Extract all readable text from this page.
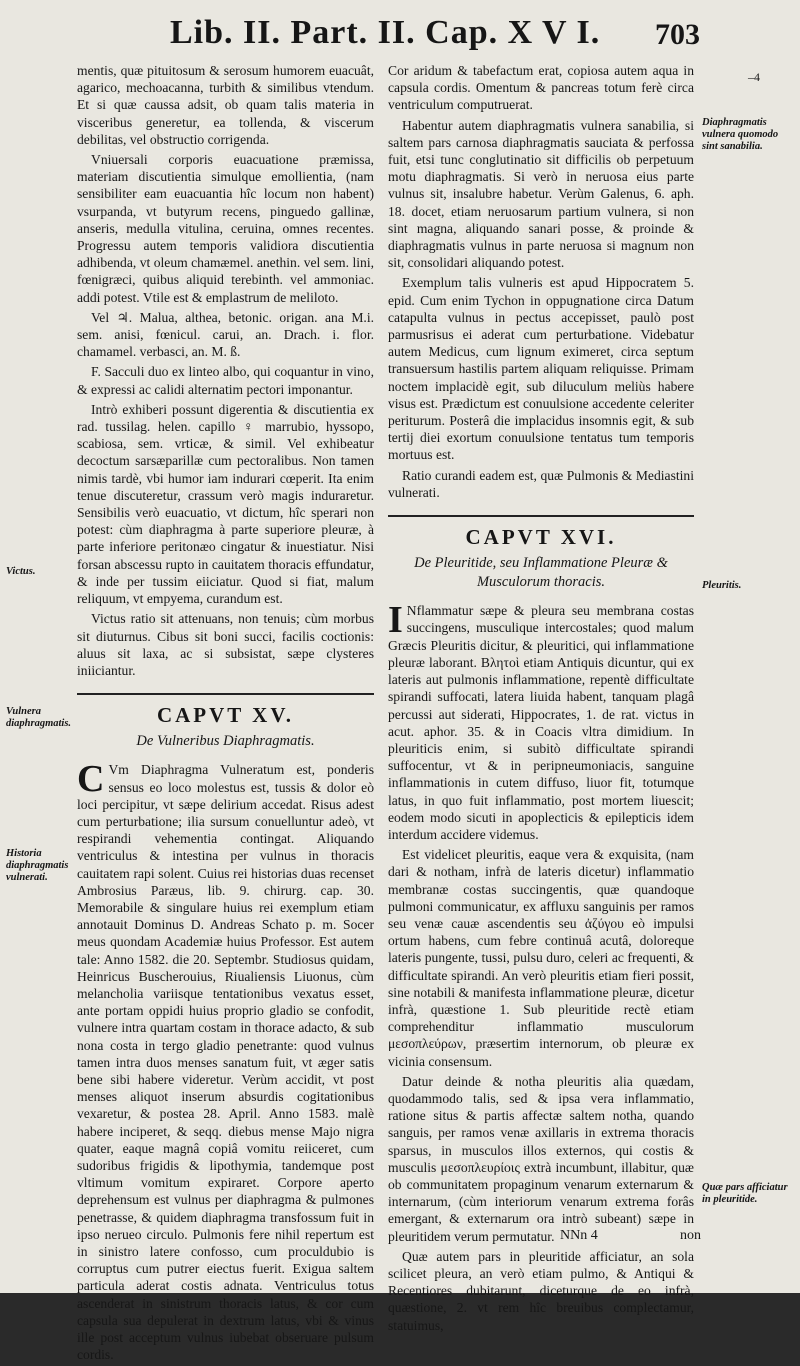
Lib. II. Part. II. Cap. X V I. 703
–4

mentis, quæ pituitosum & serosum humorem euacuât, agarico, mechoacanna, turbith & similibus vtendum. Et si quæ caussa adsit, ob quam talis materia in visceribus generetur, ea tollenda, & viscerum debilitas, vel obstructio corrigenda.

Vniuersali corporis euacuatione præmissa, materiam discutientia simulque emollientia, (nam sensibiliter eam euacuantia hîc locum non habent) vsurpanda, vt butyrum recens, pinguedo gallinæ, anseris, medulla vitulina, ceruina, omnes recentes. Progressu autem temporis validiora discutientia adhibenda, vt oleum chamæmel. anethin. vel sem. lini, fœnigræci, quibus aliquid terebinth. vel ammoniac. addi potest. Vtile est & emplastrum de meliloto.

Vel ♃. Malua, althea, betonic. origan. ana M.i. sem. anisi, fœnicul. carui, an. Drach. i. flor. chamamel. verbasci, an. M. ß.

F. Sacculi duo ex linteo albo, qui coquantur in vino, & expressi ac calidi alternatim pectori imponantur.

Intrò exhiberi possunt digerentia & discutientia ex rad. tussilag. helen. capillo ♀ marrubio, hyssopo, scabiosa, sem. vrticæ, & simil. Vel exhibeatur decoctum sarsæparillæ cum pectoralibus. Non tamen nimis tardè, vbi humor iam indurari cœperit. Ita enim tenue discuteretur, crassum verò magis induraretur. Sensibilis verò euacuatio, vt dictum, hîc sperari non potest: cùm diaphragma à parte superiore pleuræ, à parte inferiore peritonæo cingatur & inuestiatur. Nisi forsan abscessu rupto in cauitatem thoracis effundatur, & inde per tussim eiiciatur. Quod si fiat, malum reliquum, vt empyema, curandum est.

Victus ratio sit attenuans, non tenuis; cùm morbus sit diuturnus. Cibus sit boni succi, facilis coctionis: aluus sit laxa, ac si subsistat, sæpe clysteres iniiciantur.

CAPVT XV.
De Vulneribus Diaphragmatis.

C Vm Diaphragma Vulneratum est, ponderis sensus eo loco molestus est, tussis & dolor eò loci percipitur, vt sæpe delirium accedat. Risus adest cum perturbatione; ilia sursum conuelluntur adeò, vt respirandi vehementia contingat. Aliquando ventriculus & intestina per vulnus in thoracis cauitatem rapi solent. Cuius rei historias duas recenset Ambrosius Paræus, lib. 9. chirurg. cap. 30. Memorabile & singulare huius rei exemplum etiam annotauit Dominus D. Andreas Schato p. m. Socer meus quondam Academiæ huius Professor. Est autem tale: Anno 1582. die 20. Septembr. Studiosus quidam, Heinricus Buscherouius, Riualiensis Liuonus, cùm melancholia variisque tentationibus vexatus esset, ante portam oppidi huius proprio gladio se confodit, vulnere intra quartam costam in thorace adacto, & sub nona costa in tergo gladio penetrante: quod vulnus tamen intra duos menses sanatum fuit, vt æger satis bene sibi habere videretur. Verùm accidit, vt post menses aliquot inserum absurdis cogitationibus vexaretur, & postea 28. April. Anno 1583. malè habere inciperet, & seqq. diebus mense Majo nigra quater, eaque magnâ copiâ vomitu reiiceret, cum sudoribus frigidis & lipothymia, tandemque post vltimum vomitum expiraret. Corpore aperto deprehensum est vulnus per diaphragma & pulmones penetrasse, & quidem diaphragma transfossum fuit in ipso nerueo circulo. Pulmonis fere nihil repertum est in sinistro latere confosso, cum proculdubio is corruptus cum putrer eiectus fuerit. Exigua saltem particula aderat costis adnata. Ventriculus totus ascenderat in sinistrum thoracis latus, & cor cum capsula sua depulerat in dextrum latus, vbi & vinus ille post acceptum vulnus iubebat obseruare pulsum cordis.

Cor aridum & tabefactum erat, copiosa autem aqua in capsula cordis. Omentum & pancreas totum ferè circa ventriculum computruerat.

Habentur autem diaphragmatis vulnera sanabilia, si saltem pars carnosa diaphragmatis sauciata & perfossa fuit, etsi tunc conglutinatio sit difficilis ob perpetuum motu diaphragmatis. Si verò in neruosa eius parte vulnus sit, insalubre habetur. Verùm Galenus, 6. aph. 18. docet, etiam neruosarum partium vulnera, si non sint magna, aliquando sanari posse, & proinde & diaphragmatis vulnus in parte neruosa si magnum non sit, consolidari aliquando potest.

Exemplum talis vulneris est apud Hippocratem 5. epid. Cum enim Tychon in oppugnatione circa Datum catapulta vulnus in pectus accepisset, paulò post parmusrisus ei aderat cum perturbatione. Videbatur autem Medicus, cum lignum eximeret, circa septum transuersum hastilis partem aliquam reliquisse. Primam noctem implacidè egit, sub diluculum meliùs habere visus est. Prædictum est conuulsione accedente celeriter periturum. Posterâ die implacidus insomnis egit, & sub tertij diei exortum conuulsione tentatus tum temporis mortuus est.

Ratio curandi eadem est, quæ Pulmonis & Mediastini vulnerati.

CAPVT XVI.
De Pleuritide, seu Inflammatione Pleuræ & Musculorum thoracis.

I Nflammatur sæpe & pleura seu membrana costas succingens, musculique intercostales; quod malum Græcis Pleuritis dicitur, & pleuritici, qui inflammatione pleuræ laborant. Βλητοὶ etiam Antiquis dicuntur, qui ex lateris aut pulmonis inflammatione, repentè difficultate spirandi suffocati, latera liuida habent, tanquam plagâ percussi aut siderati, Hippocrates, 1. de rat. victus in acut. aphor. 35. & in Coacis vltra dimidium. In pleuriticis enim, si subitò difficultate spirandi suffocentur, vt & in peripneumoniacis, sanguine inflammationis in cutem diffuso, liuor fit, totumque latus, in quo fuit inflammatio, post mortem liuescit; eodem modo sicuti in apoplecticis & epilepticis idem interdum accidere videmus.

Est videlicet pleuritis, eaque vera & exquisita, (nam dari & notham, infrà de lateris dicetur) inflammatio membranæ costas succingentis, quæ quandoque pulmoni communicatur, ex affluxu sanguinis per ramos seu venæ cauæ ascendentis seu ἀζύγου eò impulsi ortum habens, cum febre continuâ acutâ, doloreque lateris pungente, tussi, pulsu duro, celeri ac frequenti, & difficultate spirandi. An verò pleuritis etiam fieri possit, sine notabili & manifesta inflammatione pleuræ, dicetur infrà, quæstione 1. Sub pleuritide rectè etiam comprehenditur inflammatio musculorum μεσοπλεύρων, præsertim internorum, ob pleuræ ex vicinia consensum.

Datur deinde & notha pleuritis alia quædam, quodammodo talis, sed & ipsa vera inflammatio, ratione situs & partis affectæ saltem notha, quando sanguis, per ramos venæ axillaris in extrema thoracis sparsus, in musculos illos externos, qui costis & musculis μεσοπλευρίοις extrà incumbunt, illabitur, quæ ob communitatem propaginum venarum externarum & internarum, (cùm interiorum venarum extrema forâs emergant, & externarum ora intrò subeant) sæpe in pleuritidem verum permutatur.

Quæ autem pars in pleuritide afficiatur, an sola scilicet pleura, an verò etiam pulmo, & Antiqui & Recentiores dubitarunt, diceturque de eo infrà, quæstione, 2. vt rem hîc breuibus complectamur, statuimus,

Diaphragmatis vulnera quomodo sint sanabilia.
Victus.
Vulnera diaphragmatis.
Historia diaphragmatis vulnerati.
Pleuritis.
Quæ pars afficiatur in pleuritide.
NNn 4	non
